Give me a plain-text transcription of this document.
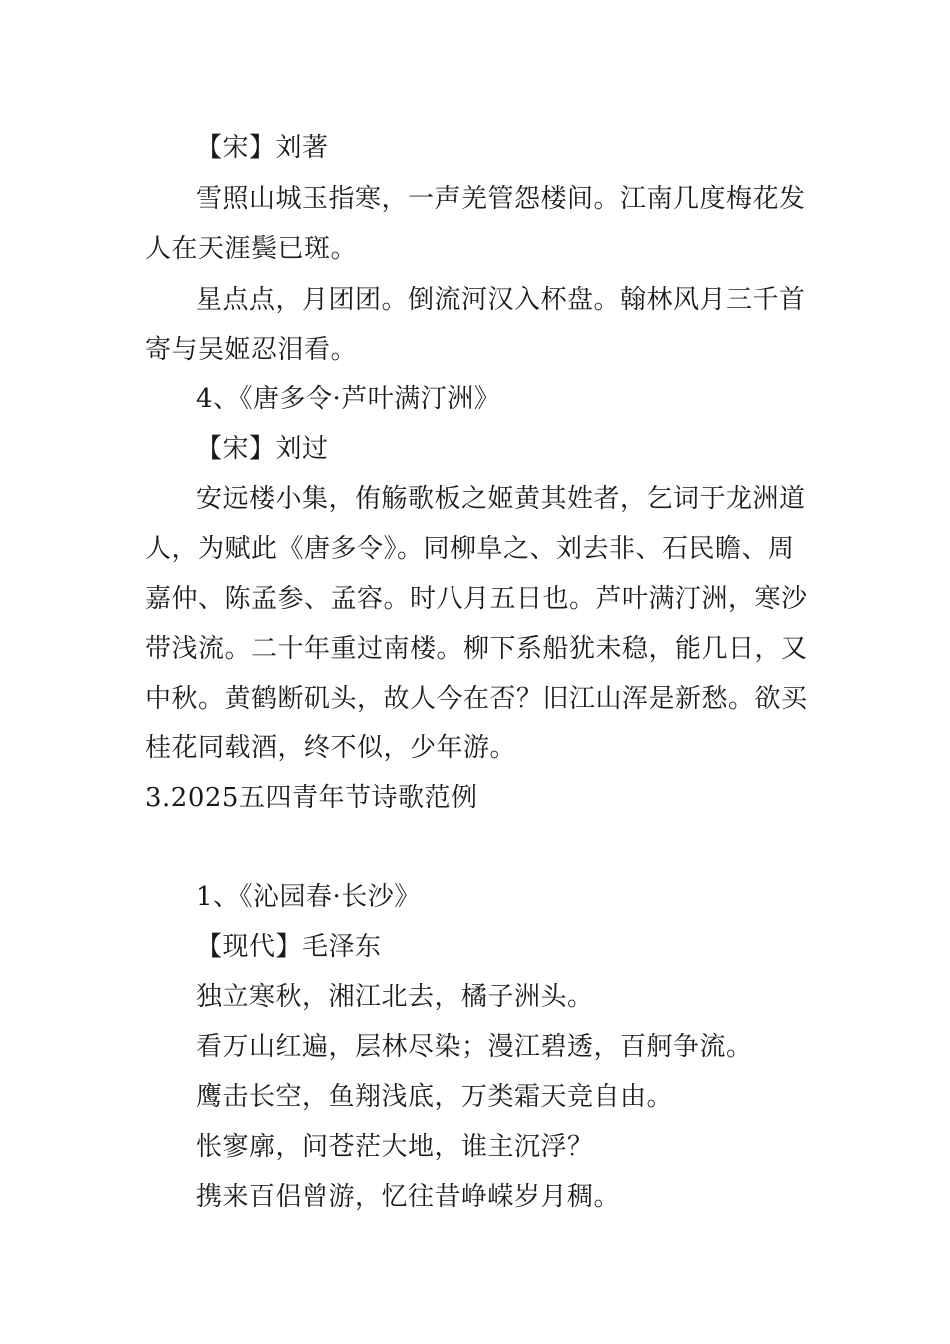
【宋】刘著
雪照山城玉指寒，一声羌管怨楼间。江南几度梅花发
人在天涯鬓已斑。
星点点，月团团。倒流河汉入杯盘。翰林风月三千首
寄与吴姬忍泪看。
4、《唐多令·芦叶满汀洲》
【宋】刘过
安远楼小集，侑觞歌板之姬黄其姓者，乞词于龙洲道
人，为赋此《唐多令》。同柳阜之、刘去非、石民瞻、周
嘉仲、陈孟参、孟容。时八月五日也。芦叶满汀洲，寒沙
带浅流。二十年重过南楼。柳下系船犹未稳，能几日，又
中秋。黄鹤断矶头，故人今在否？旧江山浑是新愁。欲买
桂花同载酒，终不似，少年游。
3.2025五四青年节诗歌范例
1、《沁园春·长沙》
【现代】毛泽东
独立寒秋，湘江北去，橘子洲头。
看万山红遍，层林尽染；漫江碧透，百舸争流。
鹰击长空，鱼翔浅底，万类霜天竞自由。
怅寥廓，问苍茫大地，谁主沉浮？
携来百侣曾游，忆往昔峥嵘岁月稠。
